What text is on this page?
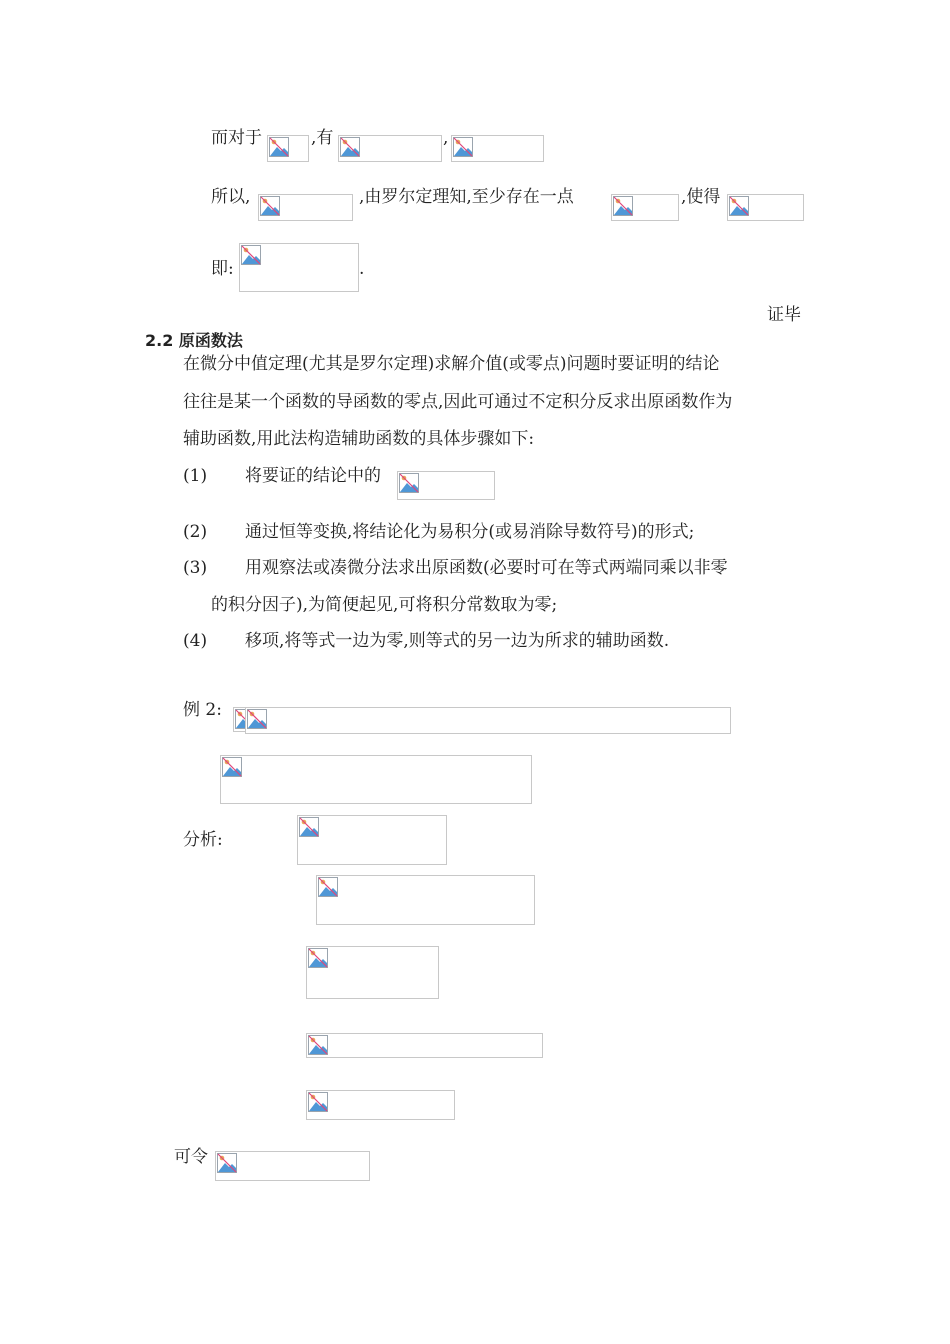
而对于	,有	,
所以,	,由罗尔定理知,至少存在一点	,使得
即:	.
证毕
2.2 原函数法
在微分中值定理(尤其是罗尔定理)求解介值(或零点)问题时要证明的结论
往往是某一个函数的导函数的零点,因此可通过不定积分反求出原函数作为
辅助函数,用此法构造辅助函数的具体步骤如下:
(1) 将要证的结论中的
(2) 通过恒等变换,将结论化为易积分(或易消除导数符号)的形式;
(3) 用观察法或凑微分法求出原函数(必要时可在等式两端同乘以非零
的积分因子),为简便起见,可将积分常数取为零;
(4) 移项,将等式一边为零,则等式的另一边为所求的辅助函数.
例 2:
分析:
可令
